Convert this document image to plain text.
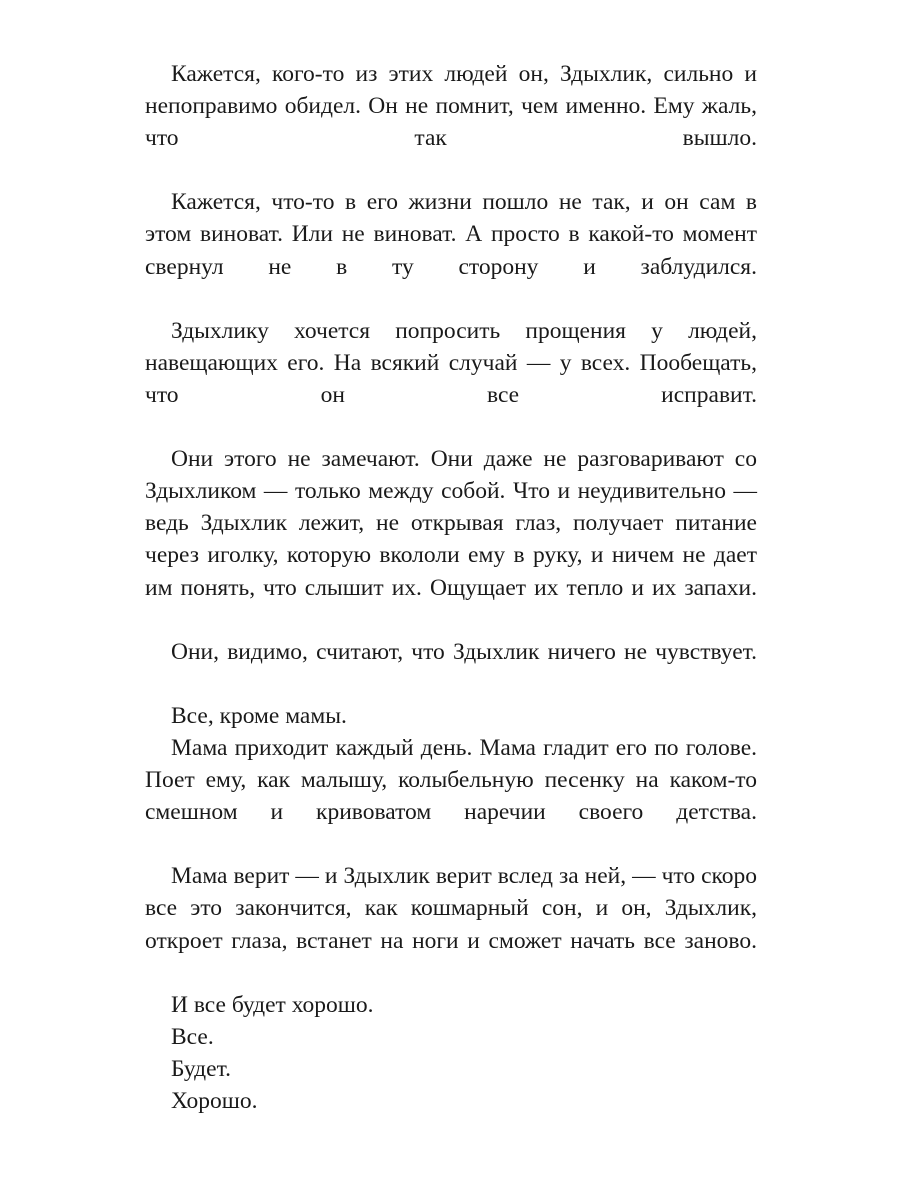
Кажется, кого-то из этих людей он, Здыхлик, сильно и непоправимо обидел. Он не помнит, чем именно. Ему жаль, что так вышло.

Кажется, что-то в его жизни пошло не так, и он сам в этом виноват. Или не виноват. А просто в какой-то момент свернул не в ту сторону и заблудился.

Здыхлику хочется попросить прощения у людей, навещающих его. На всякий случай — у всех. Пообещать, что он все исправит.

Они этого не замечают. Они даже не разговаривают со Здыхликом — только между собой. Что и неудивительно — ведь Здыхлик лежит, не открывая глаз, получает питание через иголку, которую вкололи ему в руку, и ничем не дает им понять, что слышит их. Ощущает их тепло и их запахи.

Они, видимо, считают, что Здыхлик ничего не чувствует.

Все, кроме мамы.

Мама приходит каждый день. Мама гладит его по голове. Поет ему, как малышу, колыбельную песенку на каком-то смешном и кривоватом наречии своего детства.

Мама верит — и Здыхлик верит вслед за ней, — что скоро все это закончится, как кошмарный сон, и он, Здыхлик, откроет глаза, встанет на ноги и сможет начать все заново.

И все будет хорошо.

Все.

Будет.

Хорошо.
